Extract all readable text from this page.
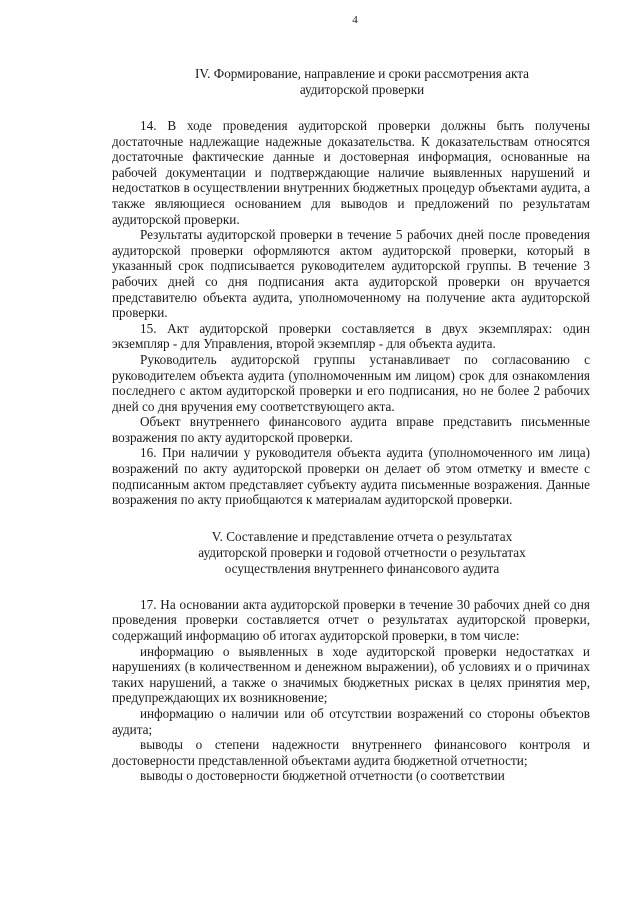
4
IV. Формирование, направление и сроки рассмотрения акта
аудиторской проверки

14. В ходе проведения аудиторской проверки должны быть получены достаточные надлежащие надежные доказательства. К доказательствам относятся достаточные фактические данные и достоверная информация, основанные на рабочей документации и подтверждающие наличие выявленных нарушений и недостатков в осуществлении внутренних бюджетных процедур объектами аудита, а также являющиеся основанием для выводов и предложений по результатам аудиторской проверки.

Результаты аудиторской проверки в течение 5 рабочих дней после проведения аудиторской проверки оформляются актом аудиторской проверки, который в указанный срок подписывается руководителем аудиторской группы. В течение 3 рабочих дней со дня подписания акта аудиторской проверки он вручается представителю объекта аудита, уполномоченному на получение акта аудиторской проверки.

15. Акт аудиторской проверки составляется в двух экземплярах: один экземпляр - для Управления, второй экземпляр - для объекта аудита.

Руководитель аудиторской группы устанавливает по согласованию с руководителем объекта аудита (уполномоченным им лицом) срок для ознакомления последнего с актом аудиторской проверки и его подписания, но не более 2 рабочих дней со дня вручения ему соответствующего акта.

Объект внутреннего финансового аудита вправе представить письменные возражения по акту аудиторской проверки.

16. При наличии у руководителя объекта аудита (уполномоченного им лица) возражений по акту аудиторской проверки он делает об этом отметку и вместе с подписанным актом представляет субъекту аудита письменные возражения. Данные возражения по акту приобщаются к материалам аудиторской проверки.

V. Составление и представление отчета о результатах
аудиторской проверки и годовой отчетности о результатах
осуществления внутреннего финансового аудита

17. На основании акта аудиторской проверки в течение 30 рабочих дней со дня проведения проверки составляется отчет о результатах аудиторской проверки, содержащий информацию об итогах аудиторской проверки, в том числе:

информацию о выявленных в ходе аудиторской проверки недостатках и нарушениях (в количественном и денежном выражении), об условиях и о причинах таких нарушений, а также о значимых бюджетных рисках в целях принятия мер, предупреждающих их возникновение;

информацию о наличии или об отсутствии возражений со стороны объектов аудита;

выводы о степени надежности внутреннего финансового контроля и достоверности представленной объектами аудита бюджетной отчетности;

выводы о достоверности бюджетной отчетности (о соответствии
